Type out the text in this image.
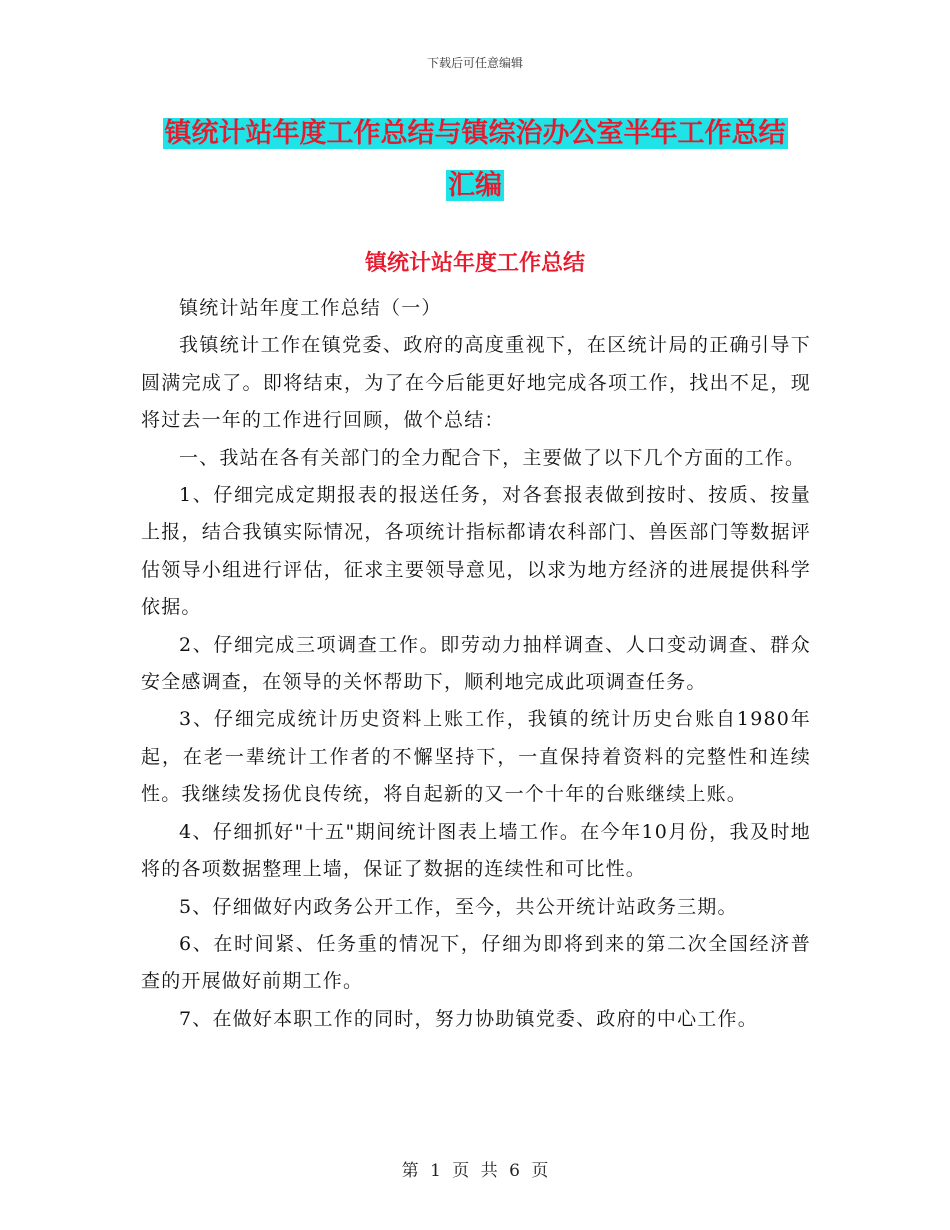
下载后可任意编辑
镇统计站年度工作总结与镇综治办公室半年工作总结
汇编
镇统计站年度工作总结

镇统计站年度工作总结（一）

我镇统计工作在镇党委、政府的高度重视下，在区统计局的正确引导下圆满完成了。即将结束，为了在今后能更好地完成各项工作，找出不足，现将过去一年的工作进行回顾，做个总结：

一、我站在各有关部门的全力配合下，主要做了以下几个方面的工作。

1、仔细完成定期报表的报送任务，对各套报表做到按时、按质、按量上报，结合我镇实际情况，各项统计指标都请农科部门、兽医部门等数据评估领导小组进行评估，征求主要领导意见，以求为地方经济的进展提供科学依据。

2、仔细完成三项调查工作。即劳动力抽样调查、人口变动调查、群众安全感调查，在领导的关怀帮助下，顺利地完成此项调查任务。

3、仔细完成统计历史资料上账工作，我镇的统计历史台账自1980年起，在老一辈统计工作者的不懈坚持下，一直保持着资料的完整性和连续性。我继续发扬优良传统，将自起新的又一个十年的台账继续上账。

4、仔细抓好"十五"期间统计图表上墙工作。在今年10月份，我及时地将的各项数据整理上墙，保证了数据的连续性和可比性。

5、仔细做好内政务公开工作，至今，共公开统计站政务三期。

6、在时间紧、任务重的情况下，仔细为即将到来的第二次全国经济普查的开展做好前期工作。

7、在做好本职工作的同时，努力协助镇党委、政府的中心工作。

第 1 页 共 6 页
